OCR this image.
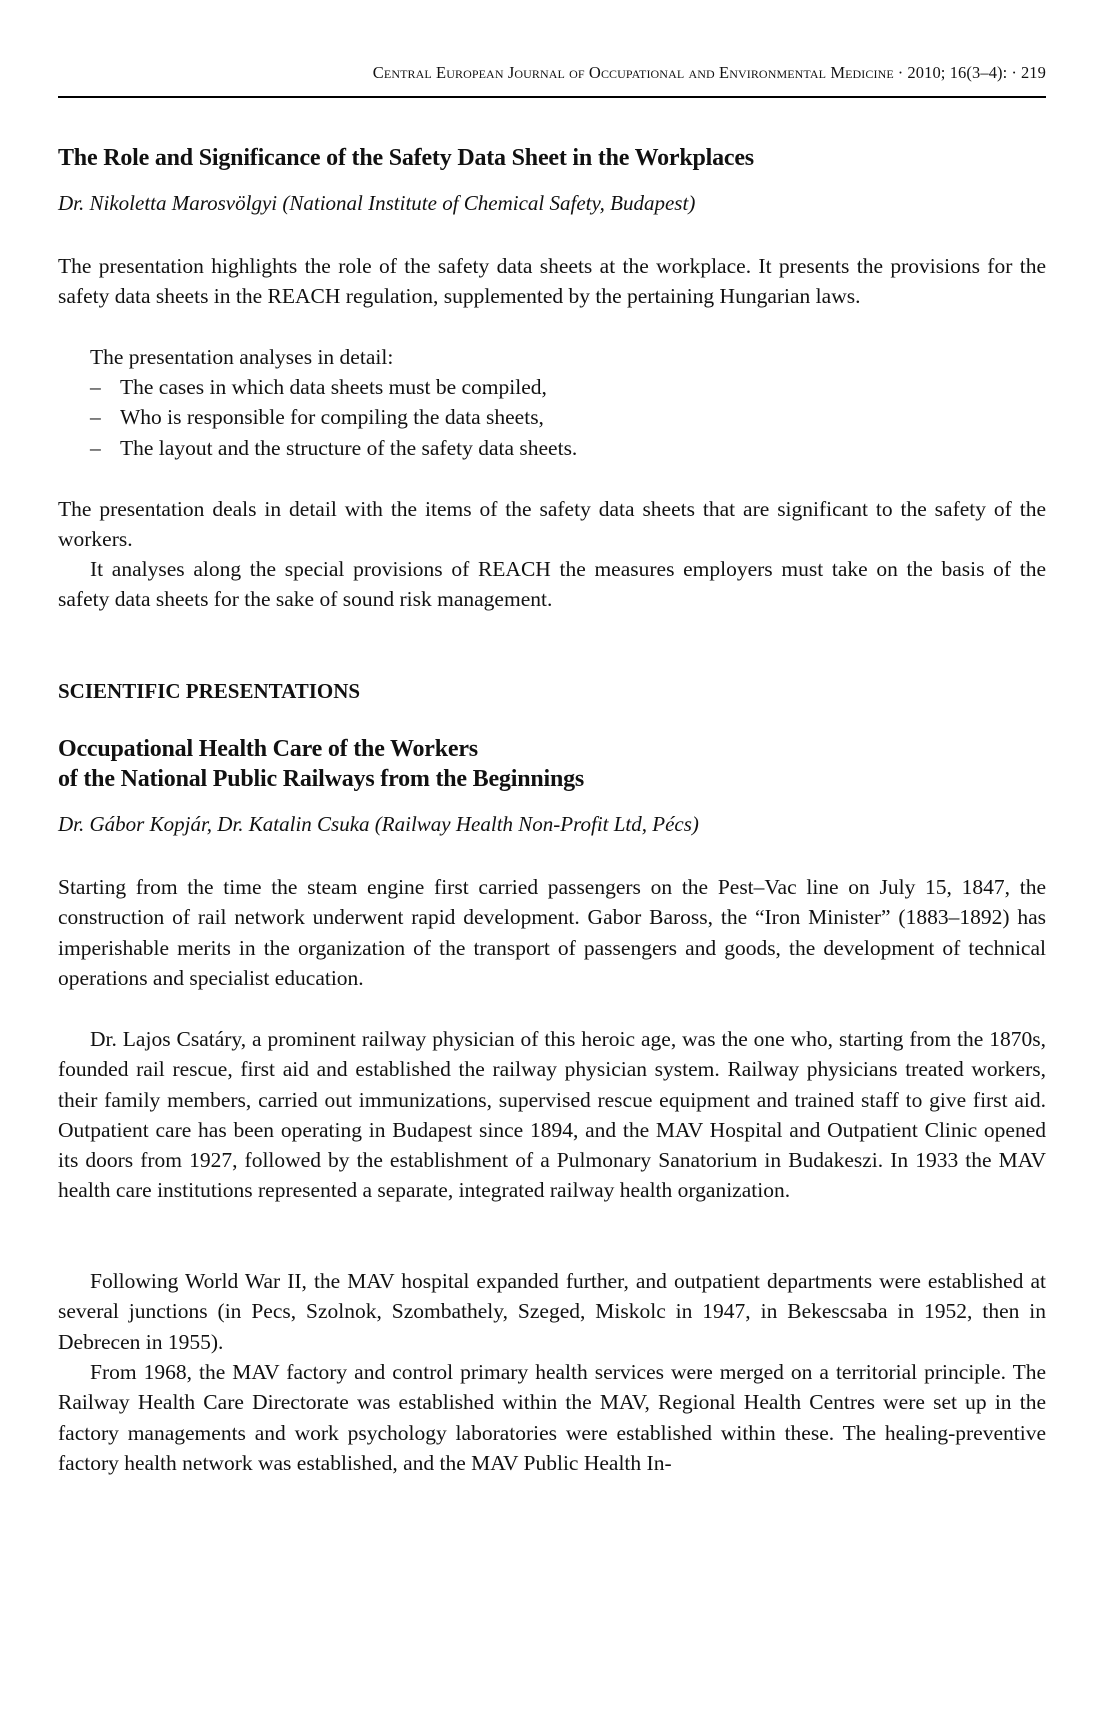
Central European Journal of Occupational and Environmental Medicine · 2010; 16(3–4): · 219
The Role and Significance of the Safety Data Sheet in the Workplaces

Dr. Nikoletta Marosvölgyi (National Institute of Chemical Safety, Budapest)

The presentation highlights the role of the safety data sheets at the workplace. It presents the provisions for the safety data sheets in the REACH regulation, supplemented by the pertaining Hungarian laws.

The presentation analyses in detail:

– The cases in which data sheets must be compiled,
– Who is responsible for compiling the data sheets,
– The layout and the structure of the safety data sheets.

The presentation deals in detail with the items of the safety data sheets that are significant to the safety of the workers.

It analyses along the special provisions of REACH the measures employers must take on the basis of the safety data sheets for the sake of sound risk management.

SCIENTIFIC PRESENTATIONS
Occupational Health Care of the Workers
of the National Public Railways from the Beginnings

Dr. Gábor Kopjár, Dr. Katalin Csuka (Railway Health Non-Profit Ltd, Pécs)

Starting from the time the steam engine first carried passengers on the Pest–Vac line on July 15, 1847, the construction of rail network underwent rapid development. Gabor Baross, the “Iron Minister” (1883–1892) has imperishable merits in the organization of the transport of passengers and goods, the development of technical operations and specialist education.

Dr. Lajos Csatáry, a prominent railway physician of this heroic age, was the one who, starting from the 1870s, founded rail rescue, first aid and established the railway physician system. Railway physicians treated workers, their family members, carried out immunizations, supervised rescue equipment and trained staff to give first aid. Outpatient care has been operating in Budapest since 1894, and the MAV Hospital and Outpatient Clinic opened its doors from 1927, followed by the establishment of a Pulmonary Sanatorium in Budakeszi. In 1933 the MAV health care institutions represented a separate, integrated railway health organization.

Following World War II, the MAV hospital expanded further, and outpatient departments were established at several junctions (in Pecs, Szolnok, Szombathely, Szeged, Miskolc in 1947, in Bekescsaba in 1952, then in Debrecen in 1955).

From 1968, the MAV factory and control primary health services were merged on a territorial principle. The Railway Health Care Directorate was established within the MAV, Regional Health Centres were set up in the factory managements and work psychology laboratories were established within these. The healing-preventive factory health network was established, and the MAV Public Health In-
